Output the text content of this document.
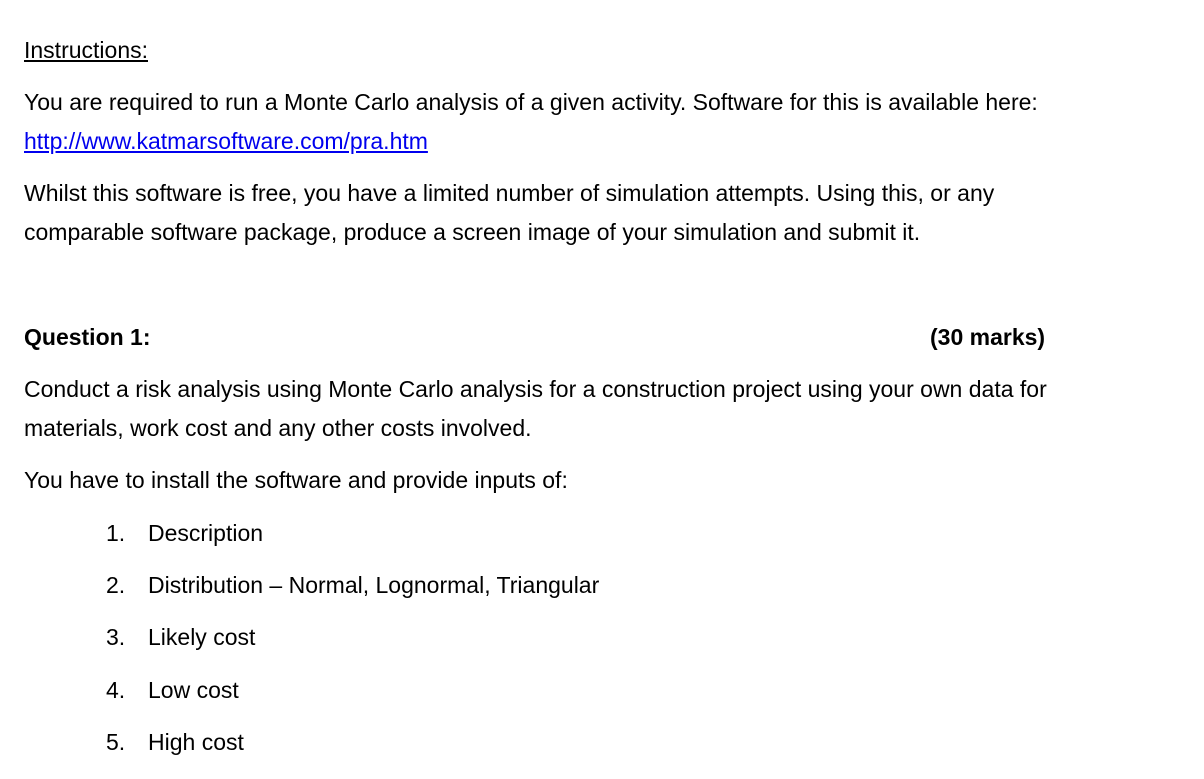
Instructions:
You are required to run a Monte Carlo analysis of a given activity. Software for this is available here:
http://www.katmarsoftware.com/pra.htm
Whilst this software is free, you have a limited number of simulation attempts. Using this, or any
comparable software package, produce a screen image of your simulation and submit it.
Question 1:	(30 marks)
Conduct a risk analysis using Monte Carlo analysis for a construction project using your own data for
materials, work cost and any other costs involved.
You have to install the software and provide inputs of:
1. Description
2. Distribution – Normal, Lognormal, Triangular
3. Likely cost
4. Low cost
5. High cost
